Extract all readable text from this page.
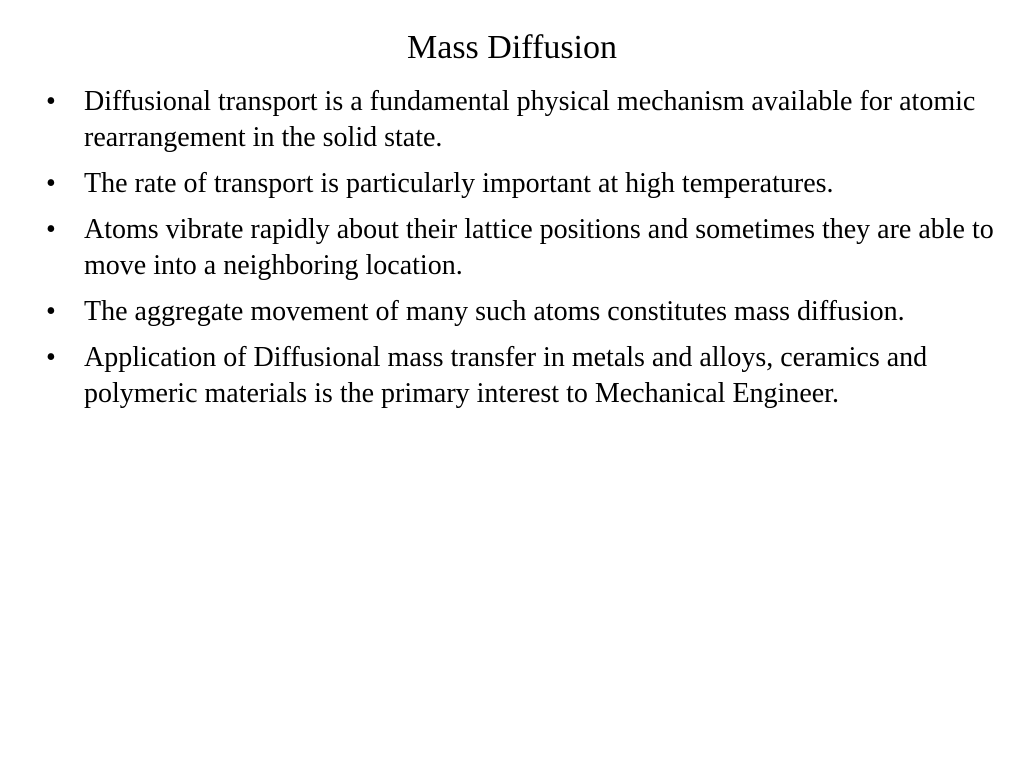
Mass Diffusion
•	Diffusional transport is a fundamental physical mechanism available for atomic rearrangement in the solid state.
•	The rate of transport is particularly important at high temperatures.
•	Atoms vibrate rapidly about their lattice positions and sometimes they are able to move into a neighboring location.
•	The aggregate movement of many such atoms constitutes mass diffusion.
•	Application of Diffusional mass transfer in metals and alloys, ceramics and polymeric materials is the primary interest to Mechanical Engineer.
